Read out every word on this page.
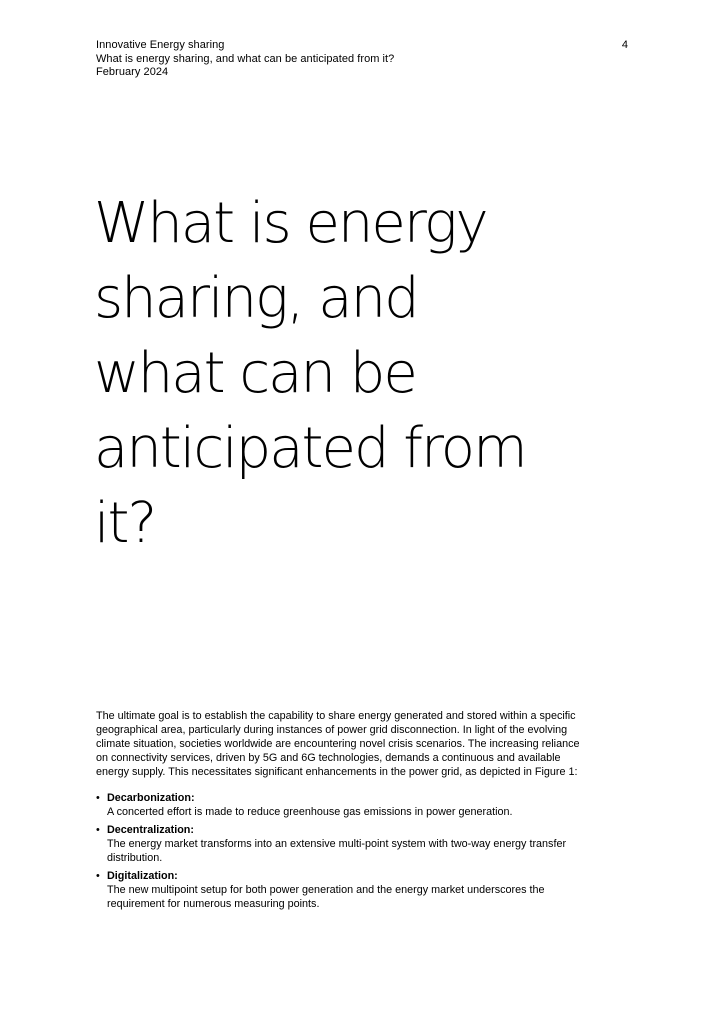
Innovative Energy sharing
What is energy sharing, and what can be anticipated from it?
February 2024
4
What is energy
sharing, and
what can be
anticipated from
it?

The ultimate goal is to establish the capability to share energy generated and stored within a specific geographical area, particularly during instances of power grid disconnection. In light of the evolving climate situation, societies worldwide are encountering novel crisis scenarios. The increasing reliance on connectivity services, driven by 5G and 6G technologies, demands a continuous and available energy supply. This necessitates significant enhancements in the power grid, as depicted in Figure 1:

• Decarbonization:
A concerted effort is made to reduce greenhouse gas emissions in power generation.
• Decentralization:
The energy market transforms into an extensive multi-point system with two-way energy transfer distribution.
• Digitalization:
The new multipoint setup for both power generation and the energy market underscores the requirement for numerous measuring points.
